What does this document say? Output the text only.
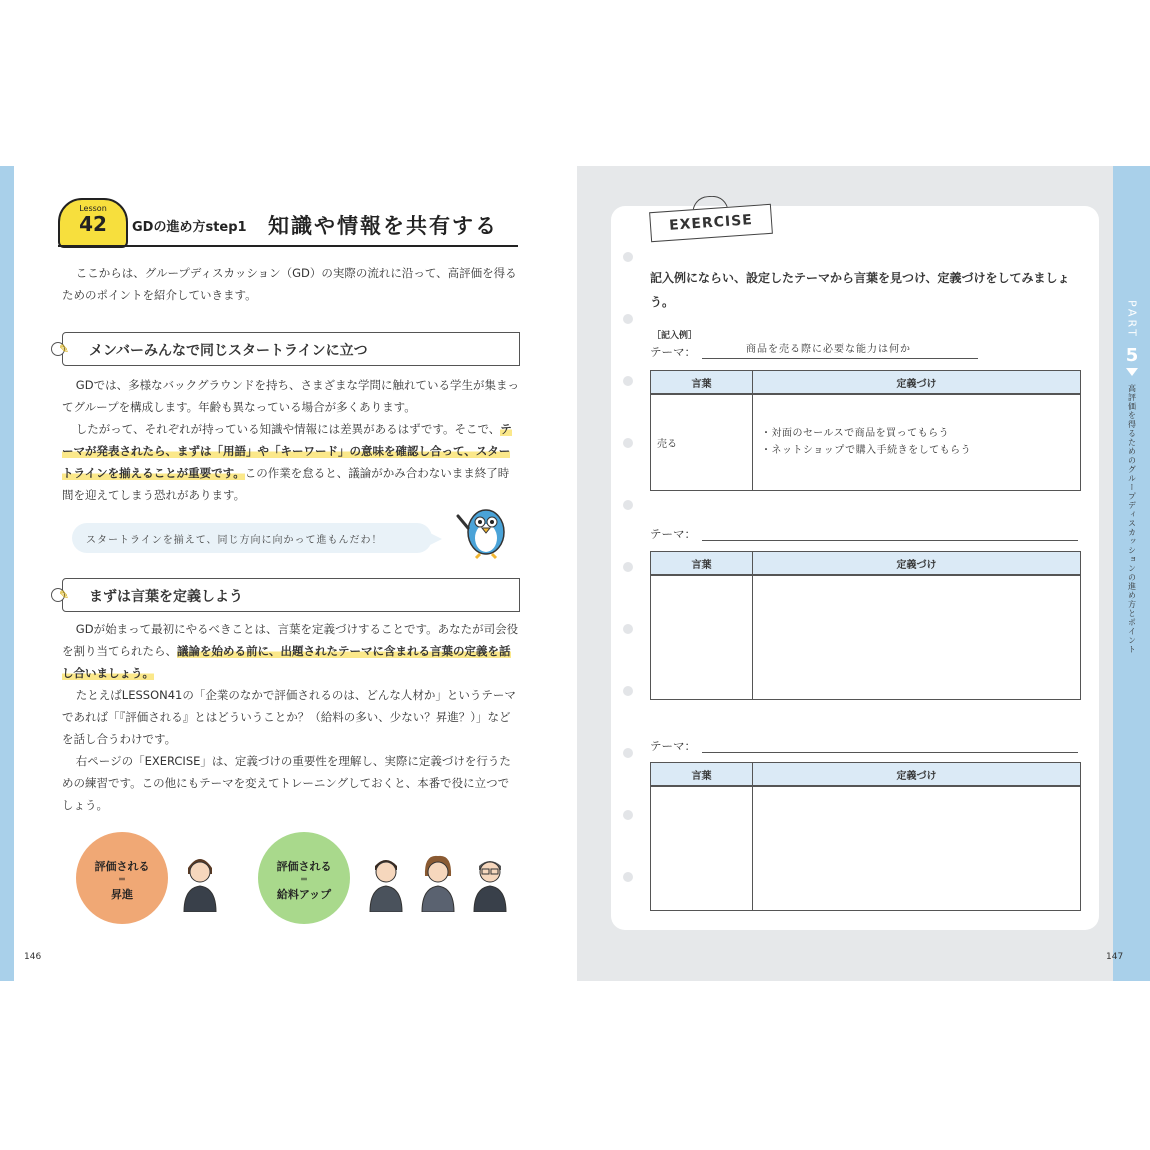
Lesson
42	GDの進め方step1 知識や情報を共有する

ここからは、グループディスカッション（GD）の実際の流れに沿って、高評価を得るためのポイントを紹介していきます。

✎ メンバーみんなで同じスタートラインに立つ

GDでは、多様なバックグラウンドを持ち、さまざまな学問に触れている学生が集まってグループを構成します。年齢も異なっている場合が多くあります。

したがって、それぞれが持っている知識や情報には差異があるはずです。そこで、テーマが発表されたら、まずは「用語」や「キーワード」の意味を確認し合って、スタートラインを揃えることが重要です。この作業を怠ると、議論がかみ合わないまま終了時間を迎えてしまう恐れがあります。

スタートラインを揃えて、同じ方向に向かって進もんだわ！
✎ まずは言葉を定義しよう

GDが始まって最初にやるべきことは、言葉を定義づけすることです。あなたが司会役を割り当てられたら、議論を始める前に、出題されたテーマに含まれる言葉の定義を話し合いましょう。

たとえばLESSON41の「企業のなかで評価されるのは、どんな人材か」というテーマであれば「『評価される』とはどういうことか？（給料の多い、少ない？昇進？）」などを話し合うわけです。

右ページの「EXERCISE」は、定義づけの重要性を理解し、実際に定義づけを行うための練習です。この他にもテーマを変えてトレーニングしておくと、本番で役に立つでしょう。

評価される
＝
昇進
評価される
＝
給料アップ
146
EXERCISE

記入例にならい、設定したテーマから言葉を見つけ、定義づけをしてみましょう。

［記入例］
テーマ：	商品を売る際に必要な能力は何か
言葉	定義づけ
売る	・対面のセールスで商品を買ってもらう
・ネットショップで購入手続きをしてもらう
テーマ：
言葉	定義づけ

テーマ：
言葉	定義づけ

PART
5
高評価を得るためのグループディスカッションの進め方とポイント
147
